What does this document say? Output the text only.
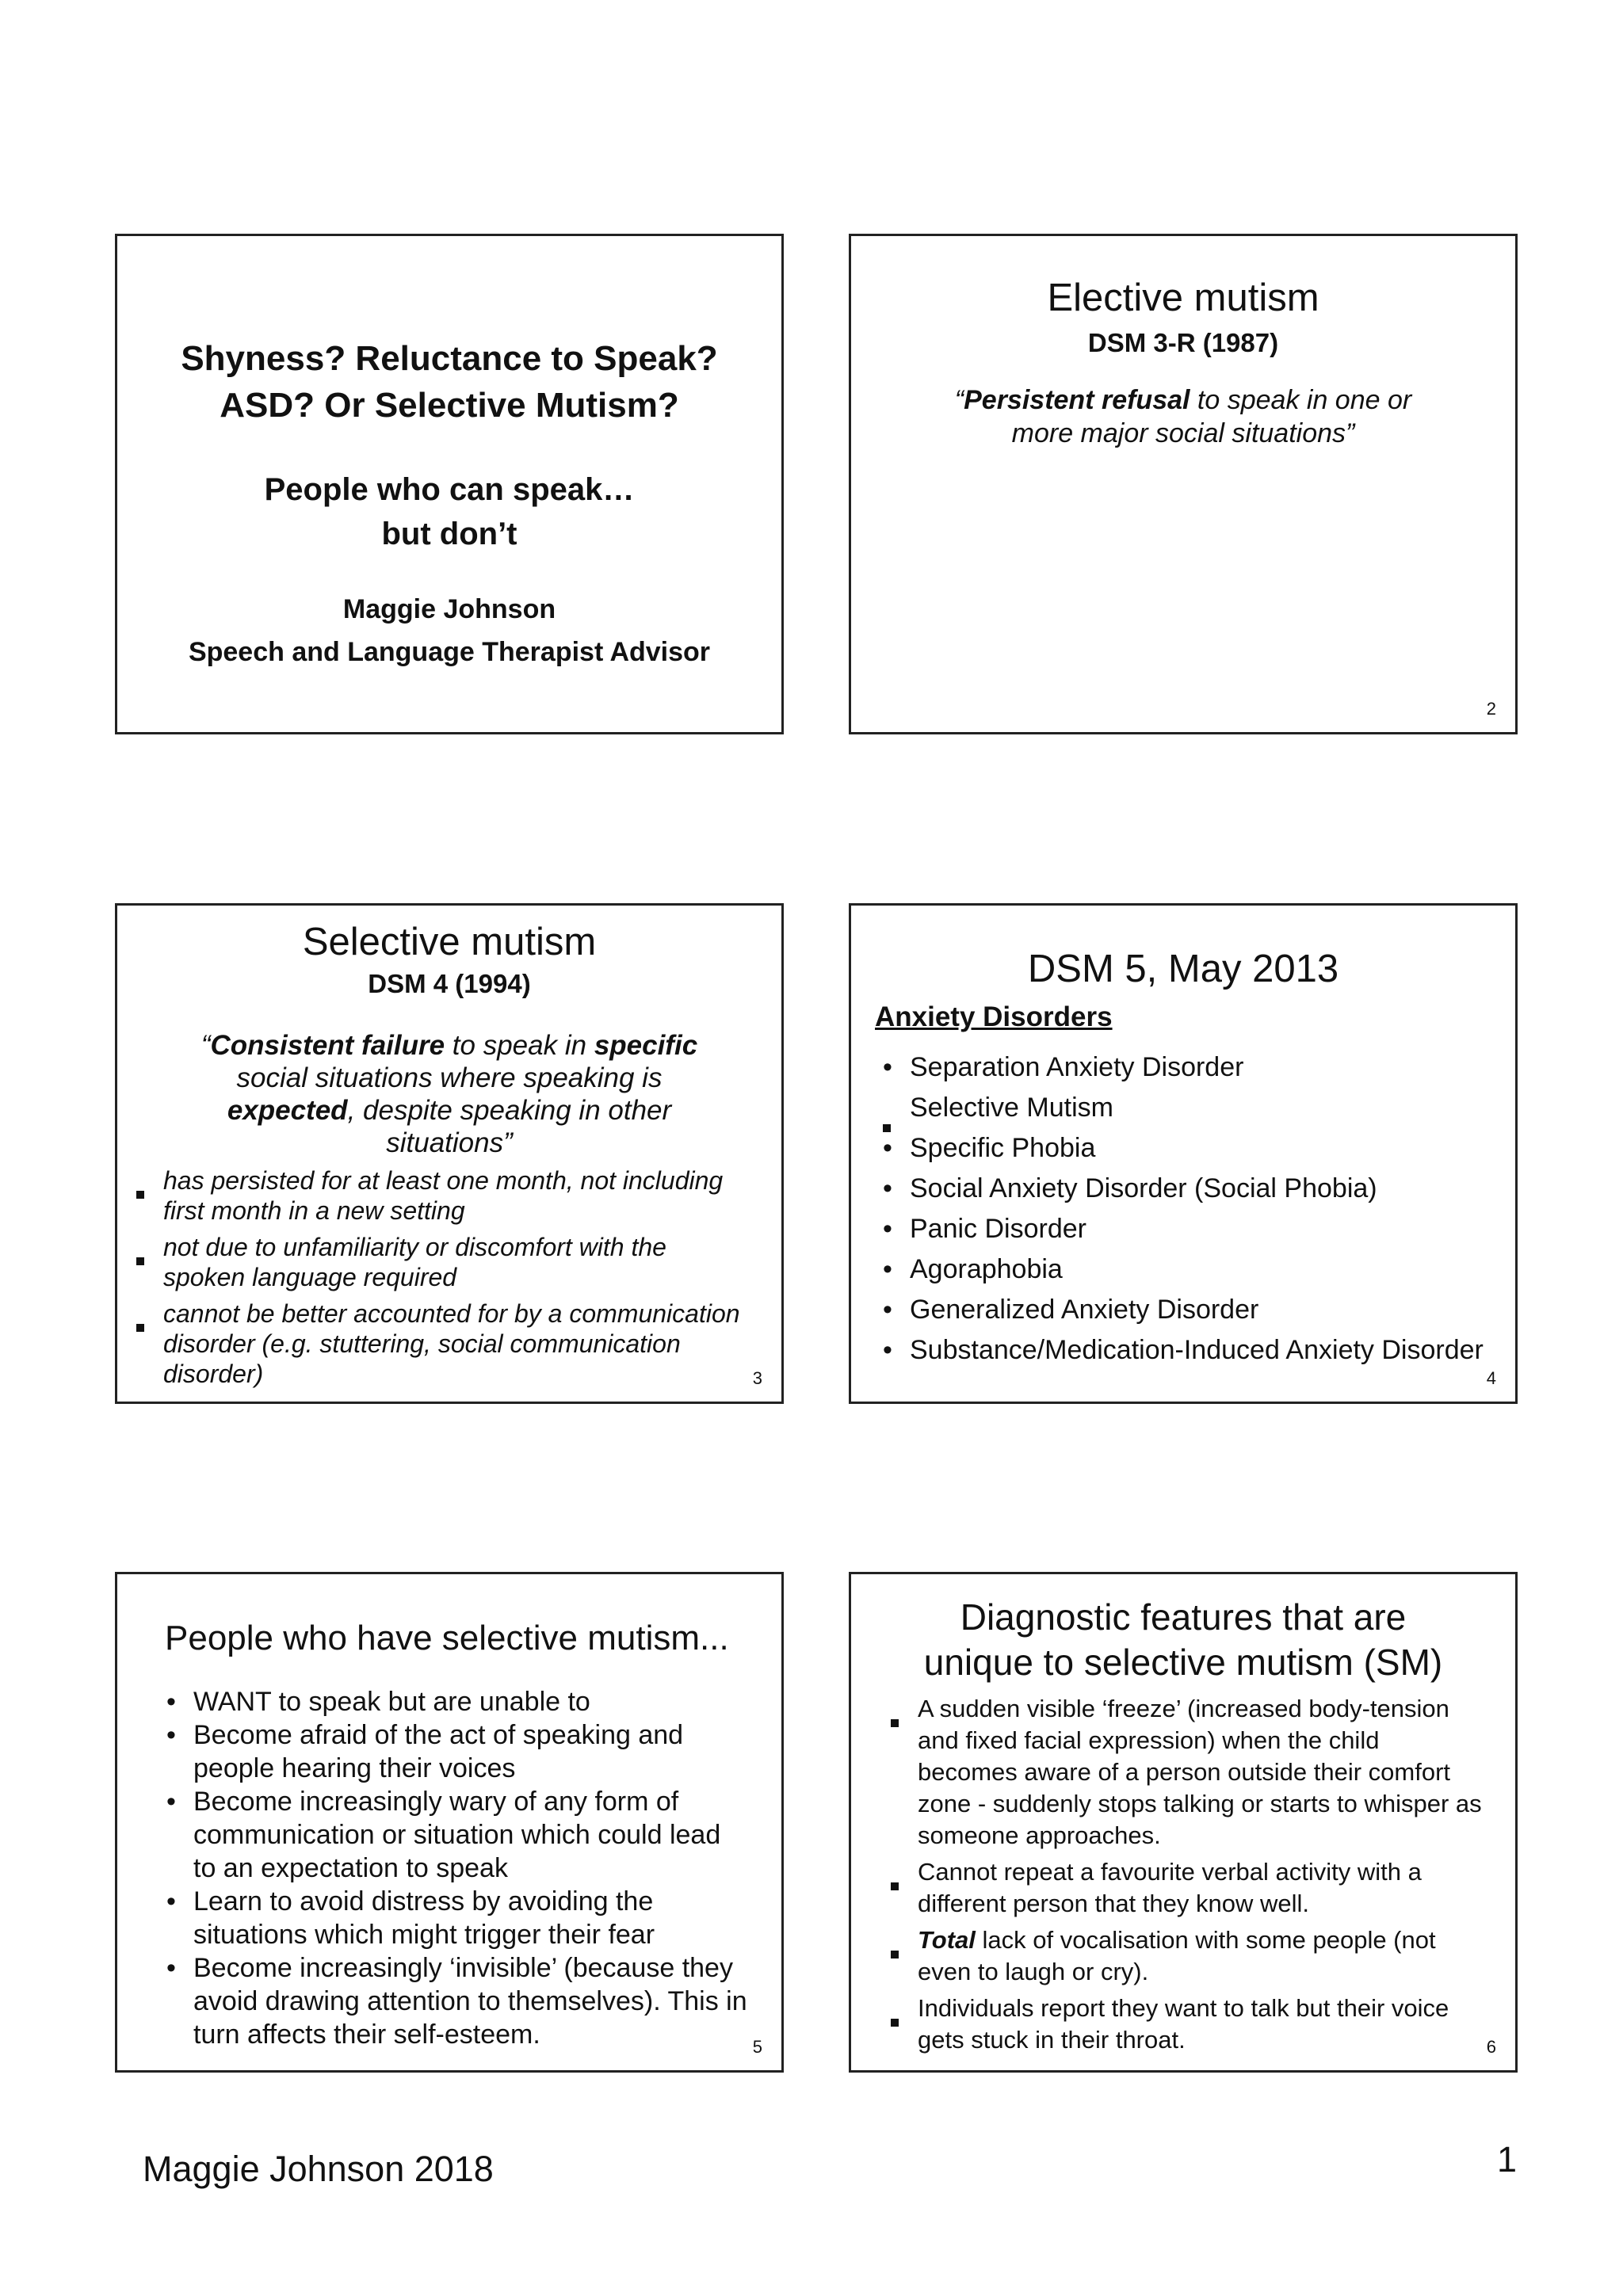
Shyness? Reluctance to Speak?
ASD? Or Selective Mutism?
People who can speak…
but don’t
Maggie Johnson
Speech and Language Therapist Advisor
Elective mutism
DSM 3-R (1987)
“Persistent refusal to speak in one or
more major social situations”
2
Selective mutism
DSM 4 (1994)
“Consistent failure to speak in specific
social situations where speaking is
expected, despite speaking in other
situations”
has persisted for at least one month, not including first month in a new setting
not due to unfamiliarity or discomfort with the spoken language required
cannot be better accounted for by a communication disorder (e.g. stuttering, social communication disorder)	3
DSM 5, May 2013
Anxiety Disorders
• Separation Anxiety Disorder
Selective Mutism
• Specific Phobia
• Social Anxiety Disorder (Social Phobia)
• Panic Disorder
• Agoraphobia
• Generalized Anxiety Disorder
• Substance/Medication-Induced Anxiety Disorder
4
People who have selective mutism...
• WANT to speak but are unable to
• Become afraid of the act of speaking and people hearing their voices
• Become increasingly wary of any form of communication or situation which could lead to an expectation to speak
• Learn to avoid distress by avoiding the situations which might trigger their fear
• Become increasingly ‘invisible’ (because they avoid drawing attention to themselves). This in turn affects their self-esteem.	5
Diagnostic features that are
unique to selective mutism (SM)
A sudden visible ‘freeze’ (increased body-tension and fixed facial expression) when the child becomes aware of a person outside their comfort zone - suddenly stops talking or starts to whisper as someone approaches.
Cannot repeat a favourite verbal activity with a different person that they know well.
Total lack of vocalisation with some people (not even to laugh or cry).
Individuals report they want to talk but their voice gets stuck in their throat.	6
Maggie Johnson 2018	1
